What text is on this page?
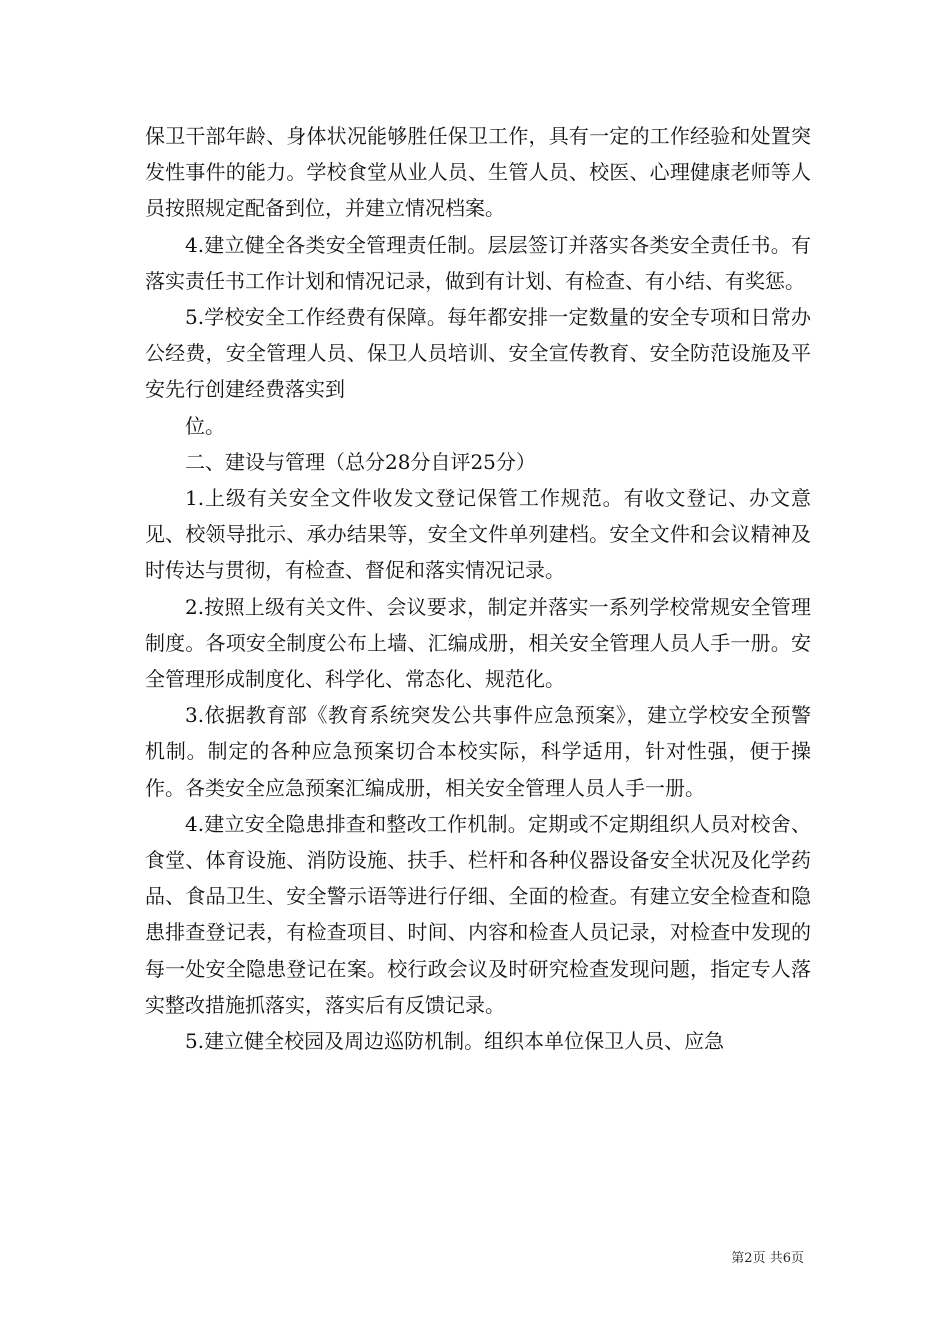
保卫干部年龄、身体状况能够胜任保卫工作，具有一定的工作经验和处置突发性事件的能力。学校食堂从业人员、生管人员、校医、心理健康老师等人员按照规定配备到位，并建立情况档案。

4.建立健全各类安全管理责任制。层层签订并落实各类安全责任书。有落实责任书工作计划和情况记录，做到有计划、有检查、有小结、有奖惩。

5.学校安全工作经费有保障。每年都安排一定数量的安全专项和日常办公经费，安全管理人员、保卫人员培训、安全宣传教育、安全防范设施及平安先行创建经费落实到

位。

二、建设与管理（总分28分自评25分）

1.上级有关安全文件收发文登记保管工作规范。有收文登记、办文意见、校领导批示、承办结果等，安全文件单列建档。安全文件和会议精神及时传达与贯彻，有检查、督促和落实情况记录。

2.按照上级有关文件、会议要求，制定并落实一系列学校常规安全管理制度。各项安全制度公布上墙、汇编成册，相关安全管理人员人手一册。安全管理形成制度化、科学化、常态化、规范化。

3.依据教育部《教育系统突发公共事件应急预案》，建立学校安全预警机制。制定的各种应急预案切合本校实际，科学适用，针对性强，便于操作。各类安全应急预案汇编成册，相关安全管理人员人手一册。

4.建立安全隐患排查和整改工作机制。定期或不定期组织人员对校舍、食堂、体育设施、消防设施、扶手、栏杆和各种仪器设备安全状况及化学药品、食品卫生、安全警示语等进行仔细、全面的检查。有建立安全检查和隐患排查登记表，有检查项目、时间、内容和检查人员记录，对检查中发现的每一处安全隐患登记在案。校行政会议及时研究检查发现问题，指定专人落实整改措施抓落实，落实后有反馈记录。

5.建立健全校园及周边巡防机制。组织本单位保卫人员、应急

第2页 共6页
